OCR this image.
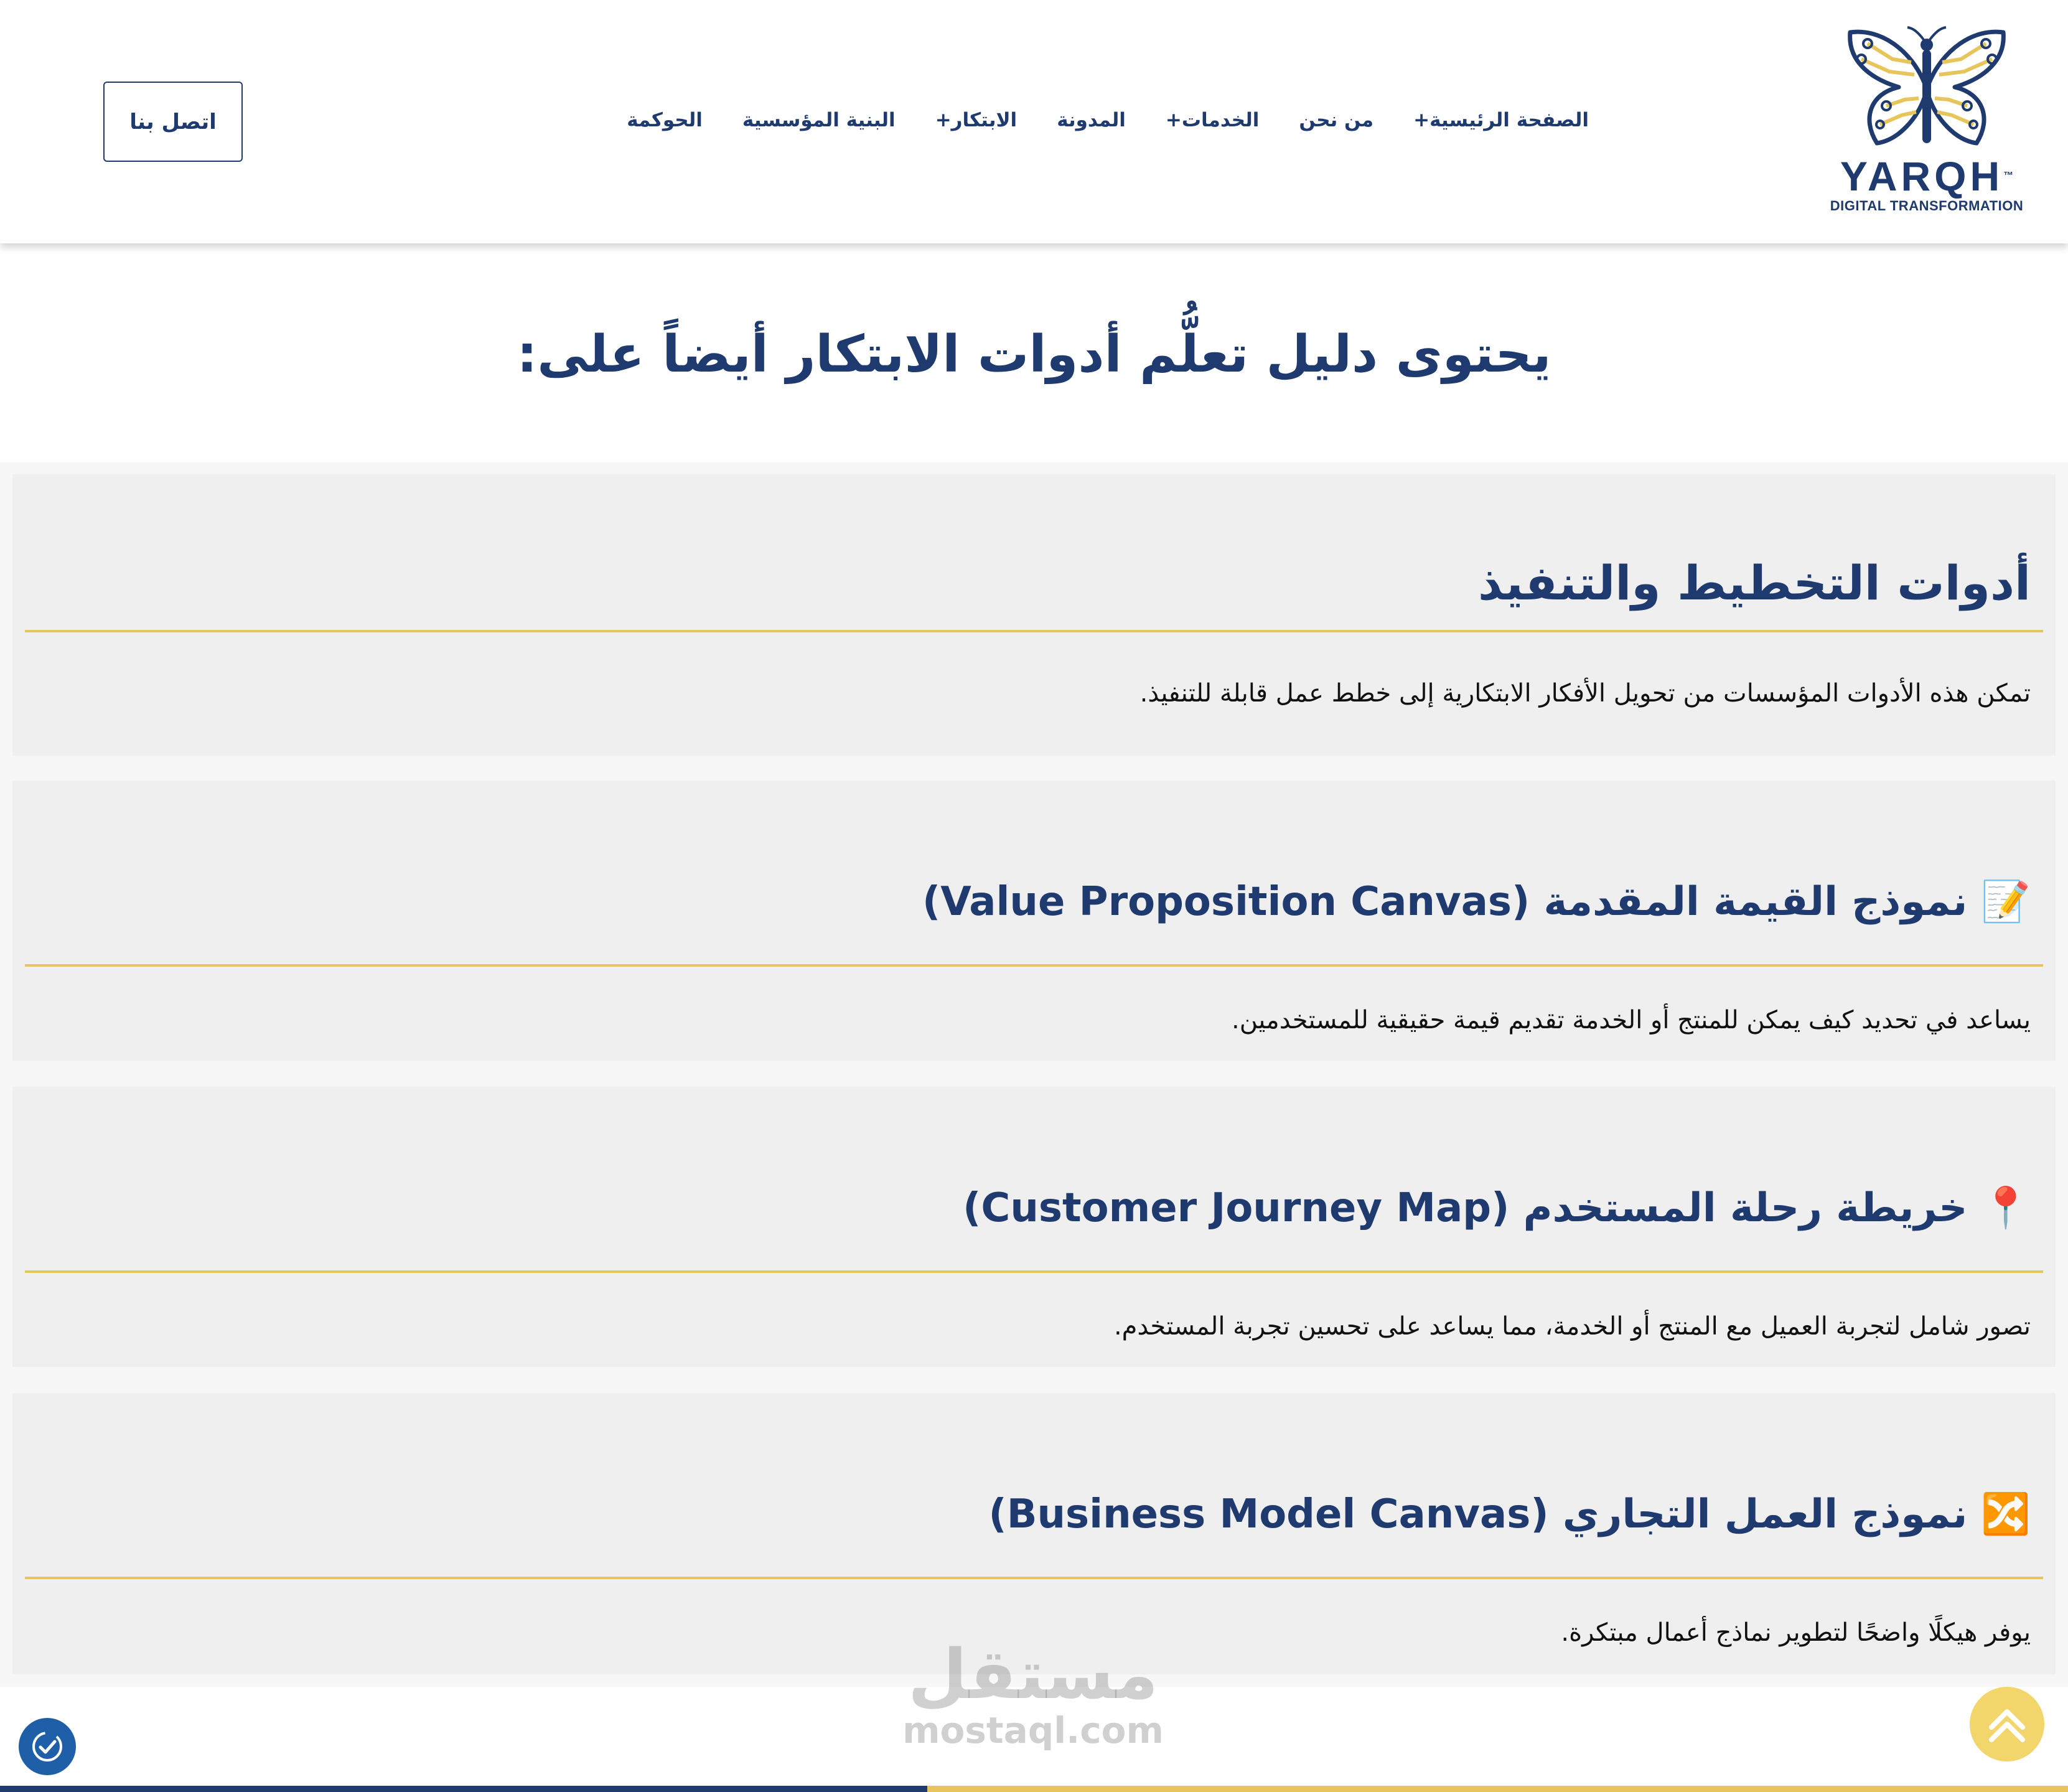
YARQH™
DIGITAL TRANSFORMATION
الصفحة الرئيسية+
من نحن
الخدمات+
المدونة
الابتكار+
البنية المؤسسية
الحوكمة
اتصل بنا
يحتوى دليل تعلُّم أدوات الابتكار أيضاً على:
أدوات التخطيط والتنفيذ
تمكن هذه الأدوات المؤسسات من تحويل الأفكار الابتكارية إلى خطط عمل قابلة للتنفيذ.
📝نموذج القيمة المقدمة (Value Proposition Canvas)
يساعد في تحديد كيف يمكن للمنتج أو الخدمة تقديم قيمة حقيقية للمستخدمين.
📍خريطة رحلة المستخدم (Customer Journey Map)
تصور شامل لتجربة العميل مع المنتج أو الخدمة، مما يساعد على تحسين تجربة المستخدم.
🔀نموذج العمل التجاري (Business Model Canvas)
يوفر هيكلًا واضحًا لتطوير نماذج أعمال مبتكرة.
مستقل
mostaql.com
